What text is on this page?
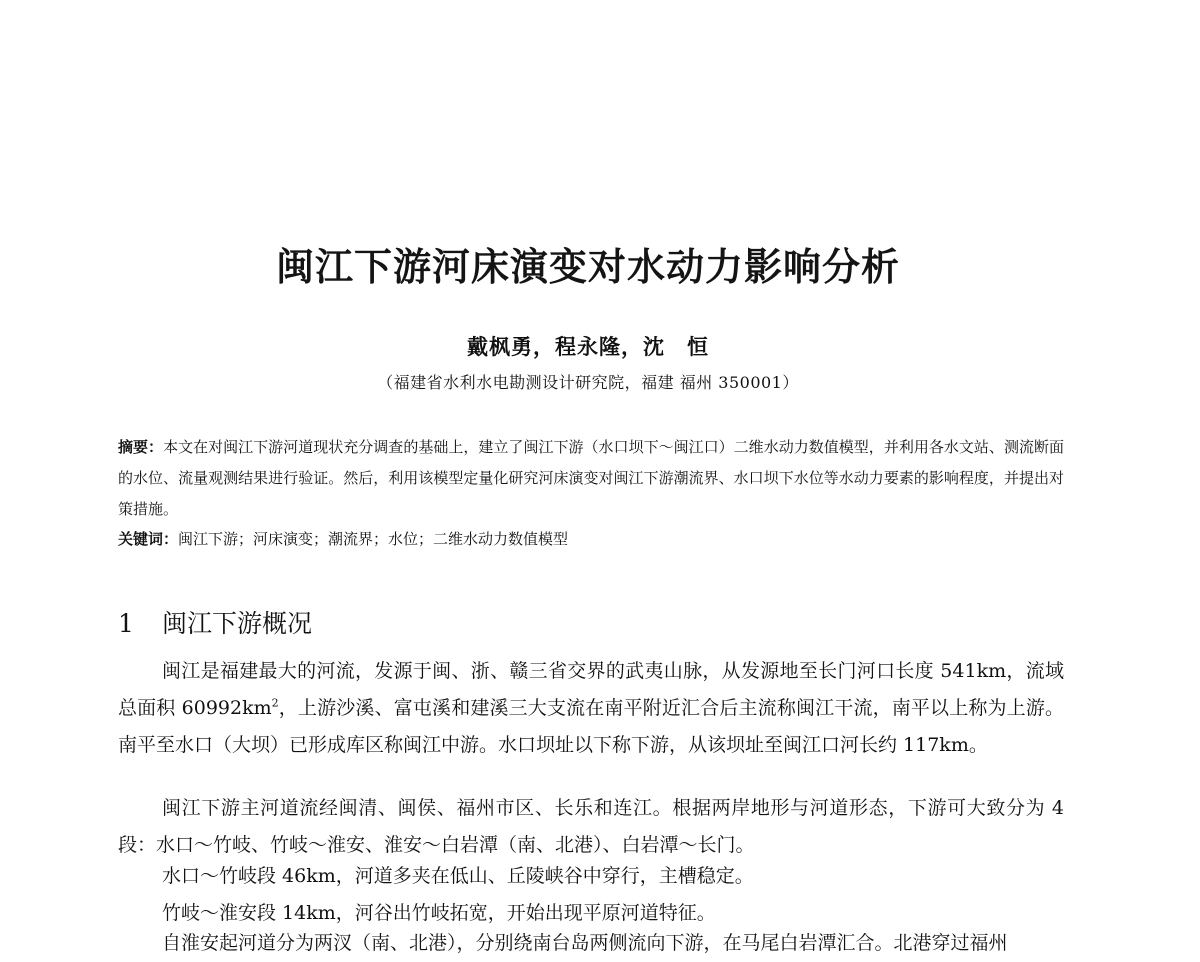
闽江下游河床演变对水动力影响分析
戴枫勇，程永隆，沈　恒
（福建省水利水电勘测设计研究院，福建 福州 350001）
摘要：本文在对闽江下游河道现状充分调查的基础上，建立了闽江下游（水口坝下～闽江口）二维水动力数值模型，并利用各水文站、测流断面的水位、流量观测结果进行验证。然后，利用该模型定量化研究河床演变对闽江下游潮流界、水口坝下水位等水动力要素的影响程度，并提出对策措施。
关键词：闽江下游；河床演变；潮流界；水位；二维水动力数值模型
1 闽江下游概况
闽江是福建最大的河流，发源于闽、浙、赣三省交界的武夷山脉，从发源地至长门河口长度 541km，流域总面积 $60992km^2$，上游沙溪、富屯溪和建溪三大支流在南平附近汇合后主流称闽江干流，南平以上称为上游。南平至水口（大坝）已形成库区称闽江中游。水口坝址以下称下游，从该坝址至闽江口河长约 117km。
闽江下游主河道流经闽清、闽侯、福州市区、长乐和连江。根据两岸地形与河道形态，下游可大致分为 4 段：水口～竹岐、竹岐～淮安、淮安～白岩潭（南、北港）、白岩潭～长门。
水口～竹岐段 46km，河道多夹在低山、丘陵峡谷中穿行，主槽稳定。
竹岐～淮安段 14km，河谷出竹岐拓宽，开始出现平原河道特征。
自淮安起河道分为两汊（南、北港），分别绕南台岛两侧流向下游，在马尾白岩潭汇合。北港穿过福州
